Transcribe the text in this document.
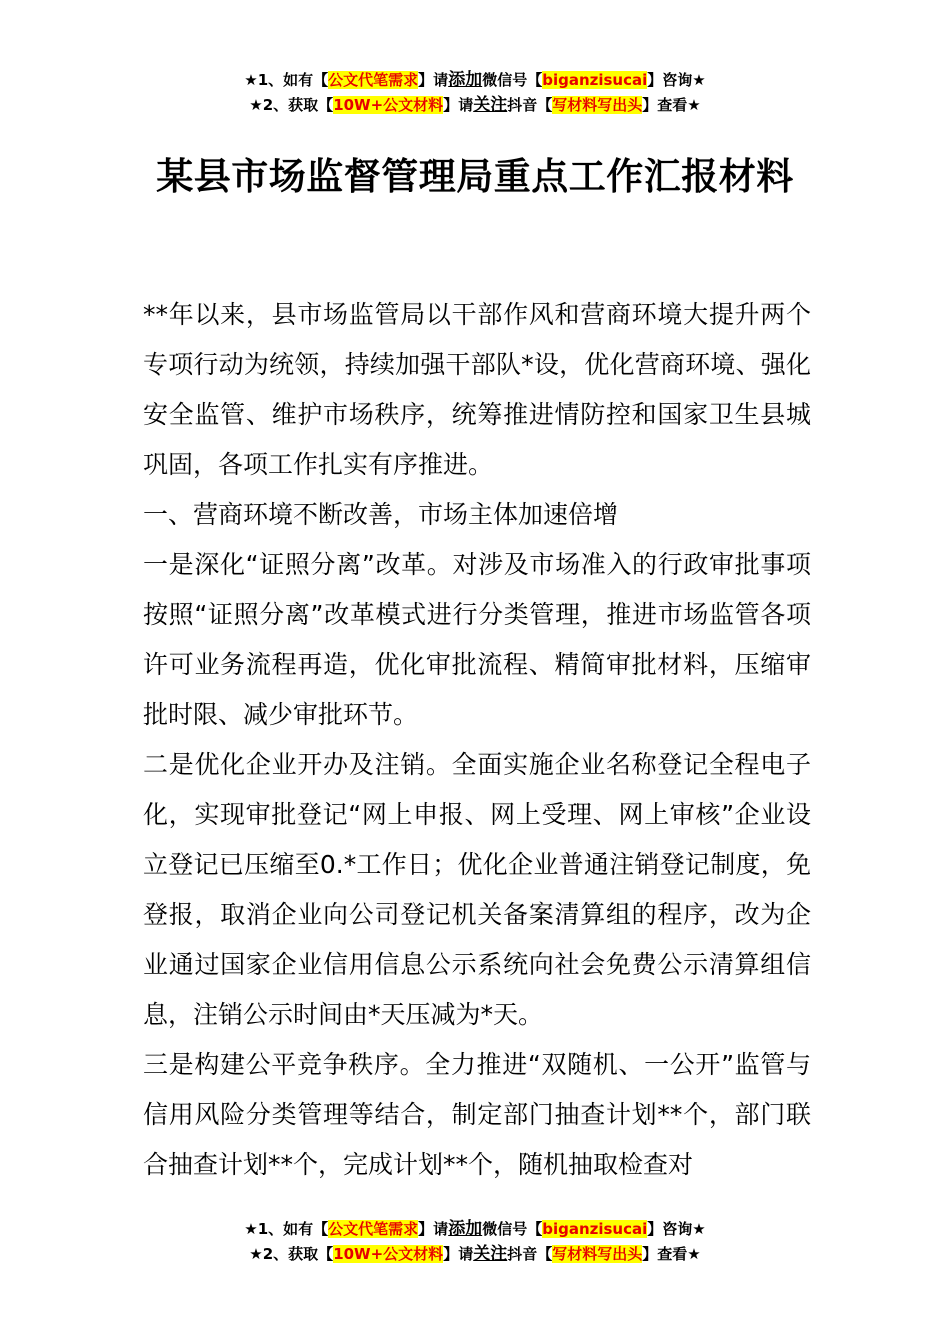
★1、如有【公文代笔需求】请添加微信号【biganzisucai】咨询★
★2、获取【10W+公文材料】请关注抖音【写材料写出头】查看★
某县市场监督管理局重点工作汇报材料

**年以来，县市场监管局以干部作风和营商环境大提升两个专项行动为统领，持续加强干部队*设，优化营商环境、强化安全监管、维护市场秩序，统筹推进情防控和国家卫生县城巩固，各项工作扎实有序推进。

一、营商环境不断改善，市场主体加速倍增

一是深化“证照分离”改革。对涉及市场准入的行政审批事项按照“证照分离”改革模式进行分类管理，推进市场监管各项许可业务流程再造，优化审批流程、精简审批材料，压缩审批时限、减少审批环节。

二是优化企业开办及注销。全面实施企业名称登记全程电子化，实现审批登记“网上申报、网上受理、网上审核”企业设立登记已压缩至0.*工作日；优化企业普通注销登记制度，免登报，取消企业向公司登记机关备案清算组的程序，改为企业通过国家企业信用信息公示系统向社会免费公示清算组信息，注销公示时间由*天压减为*天。

三是构建公平竞争秩序。全力推进“双随机、一公开”监管与信用风险分类管理等结合，制定部门抽查计划**个，部门联合抽查计划**个，完成计划**个，随机抽取检查对

★1、如有【公文代笔需求】请添加微信号【biganzisucai】咨询★
★2、获取【10W+公文材料】请关注抖音【写材料写出头】查看★
